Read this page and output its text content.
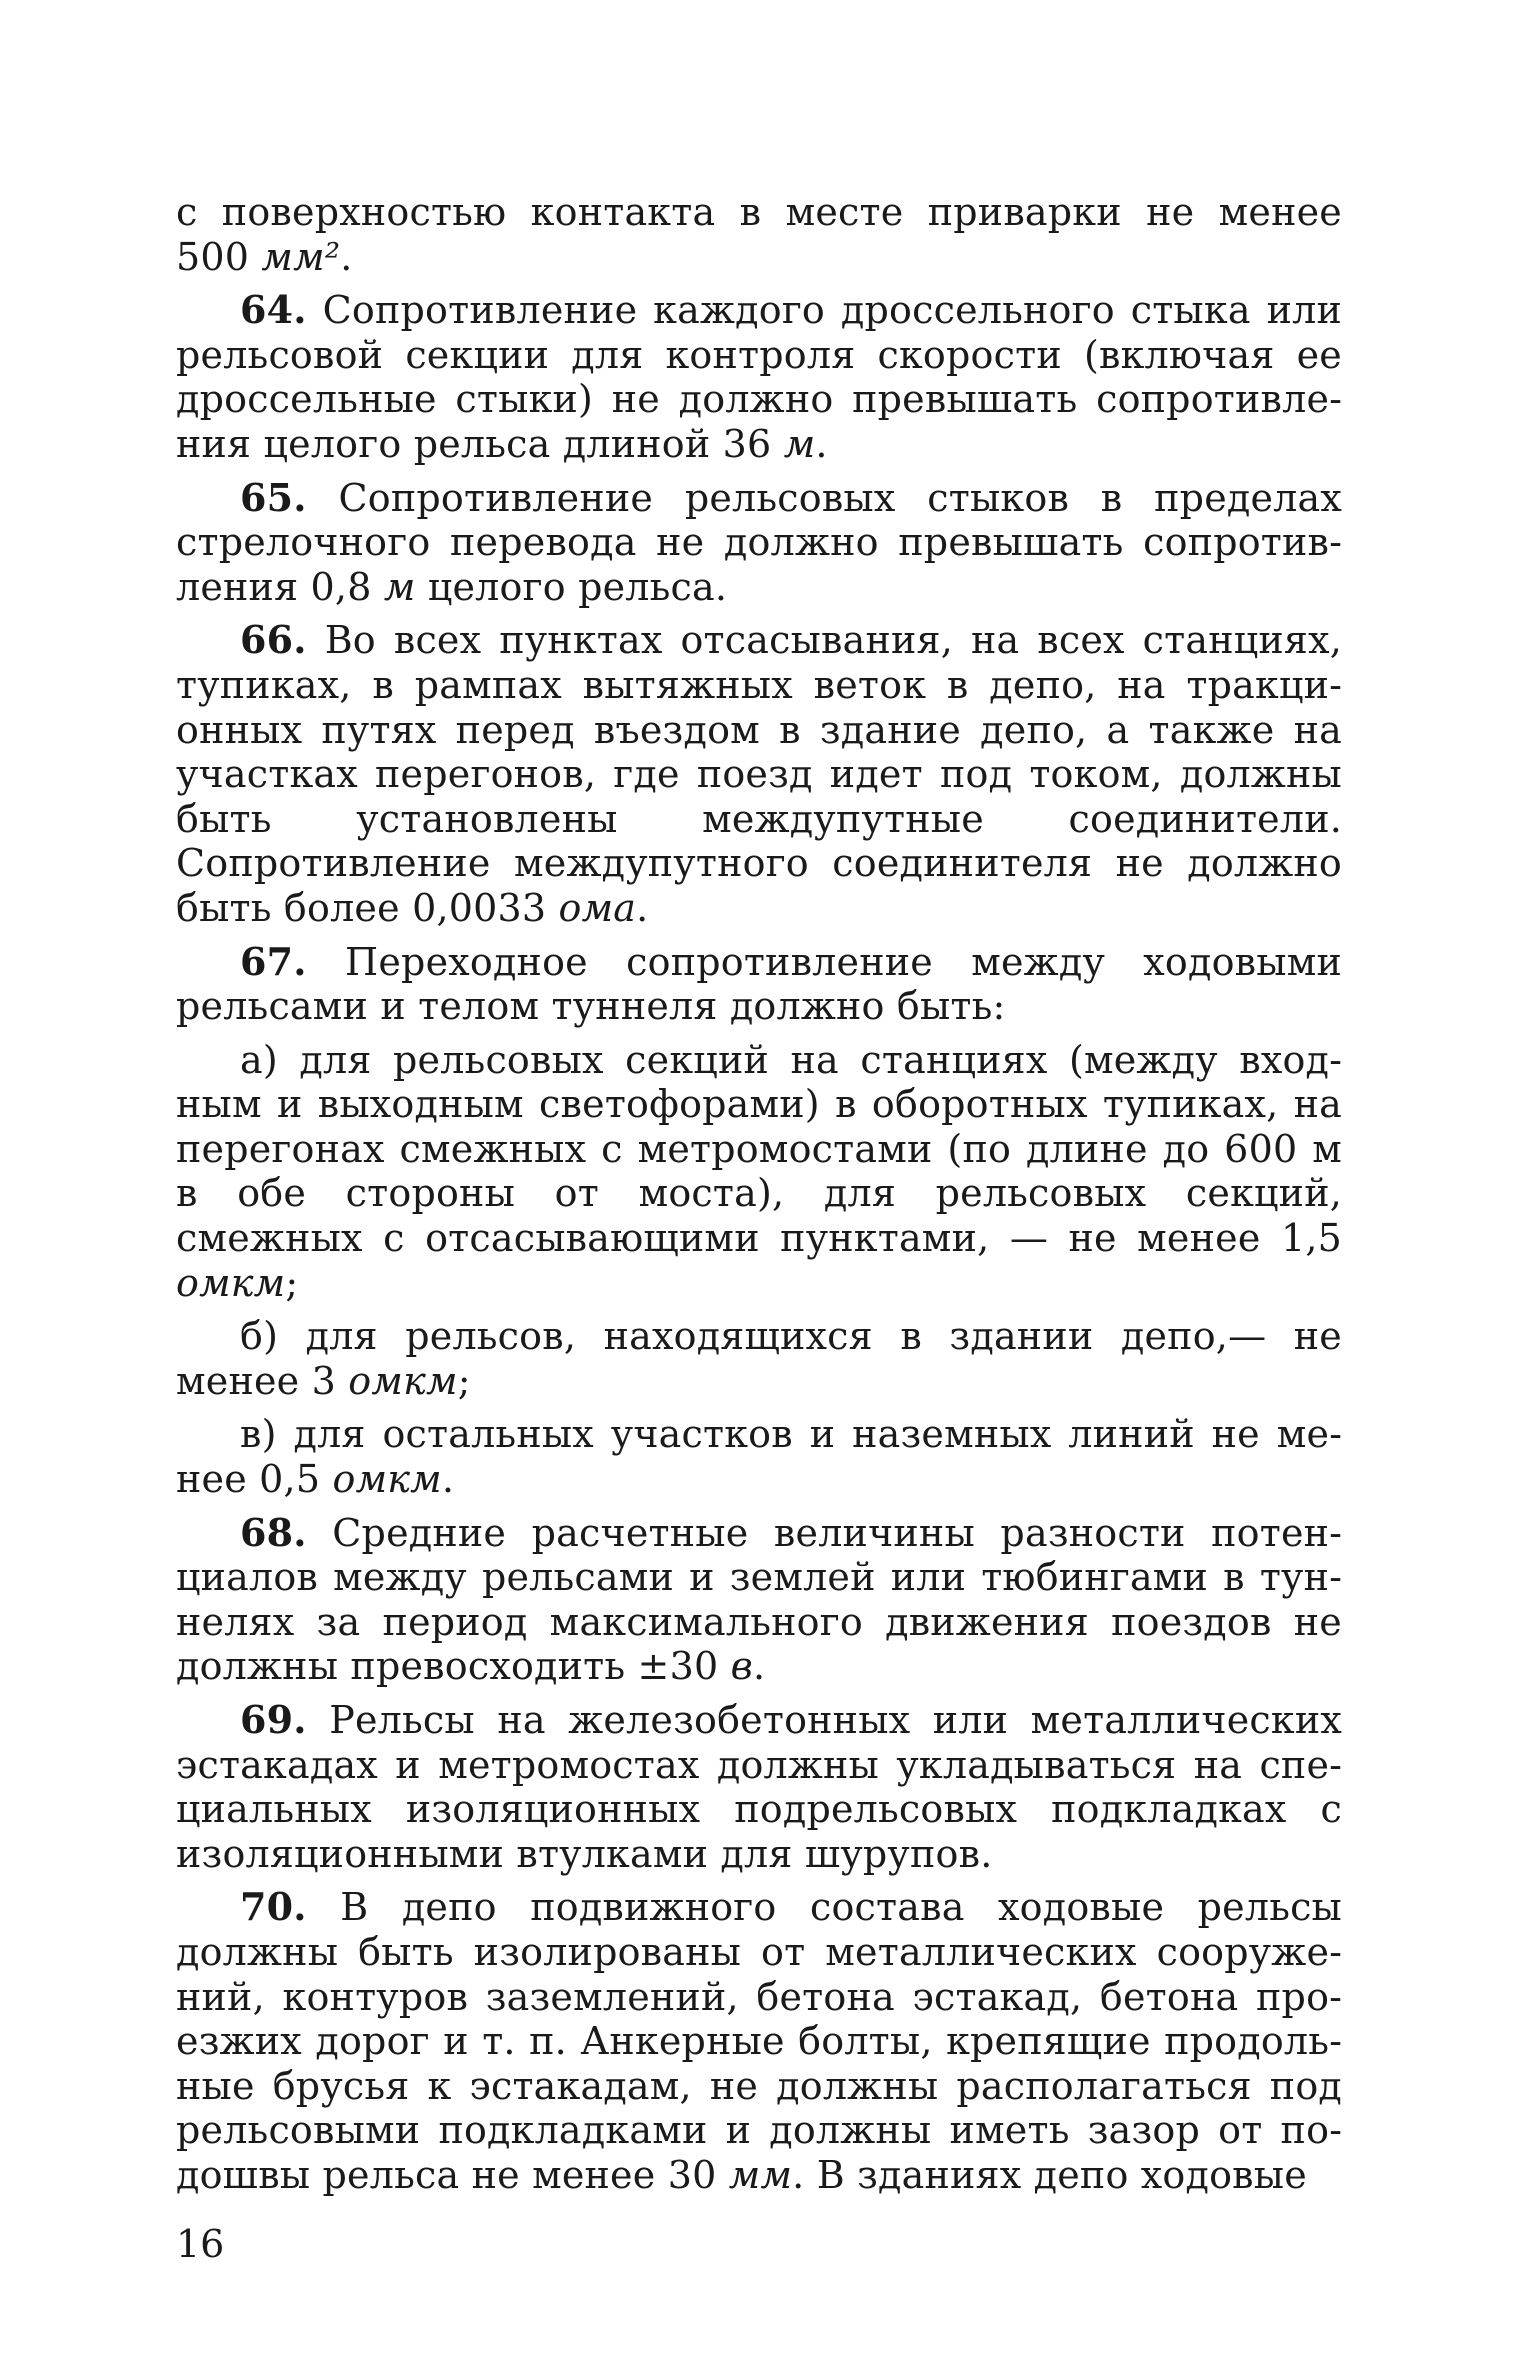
с поверхностью контакта в месте приварки не менее 500 мм².

64. Сопротивление каждого дроссельного стыка или рельсовой секции для контроля скорости (включая ее дроссельные стыки) не должно превышать сопротивления целого рельса длиной 36 м.

65. Сопротивление рельсовых стыков в пределах стрелочного перевода не должно превышать сопротивления 0,8 м целого рельса.

66. Во всех пунктах отсасывания, на всех станциях, тупиках, в рампах вытяжных веток в депо, на тракционных путях перед въездом в здание депо, а также на участках перегонов, где поезд идет под током, должны быть установлены междупутные соединители. Сопротивление междупутного соединителя не должно быть более 0,0033 ома.

67. Переходное сопротивление между ходовыми рельсами и телом туннеля должно быть:

а) для рельсовых секций на станциях (между входным и выходным светофорами) в оборотных тупиках, на перегонах смежных с метромостами (по длине до 600 м в обе стороны от моста), для рельсовых секций, смежных с отсасывающими пунктами, — не менее 1,5 омкм;

б) для рельсов, находящихся в здании депо,— не менее 3 омкм;

в) для остальных участков и наземных линий не менее 0,5 омкм.

68. Средние расчетные величины разности потенциалов между рельсами и землей или тюбингами в туннелях за период максимального движения поездов не должны превосходить ±30 в.

69. Рельсы на железобетонных или металлических эстакадах и метромостах должны укладываться на специальных изоляционных подрельсовых подкладках с изоляционными втулками для шурупов.

70. В депо подвижного состава ходовые рельсы должны быть изолированы от металлических сооружений, контуров заземлений, бетона эстакад, бетона проезжих дорог и т. п. Анкерные болты, крепящие продольные брусья к эстакадам, не должны располагаться под рельсовыми подкладками и должны иметь зазор от подошвы рельса не менее 30 мм. В зданиях депо ходовые

16
